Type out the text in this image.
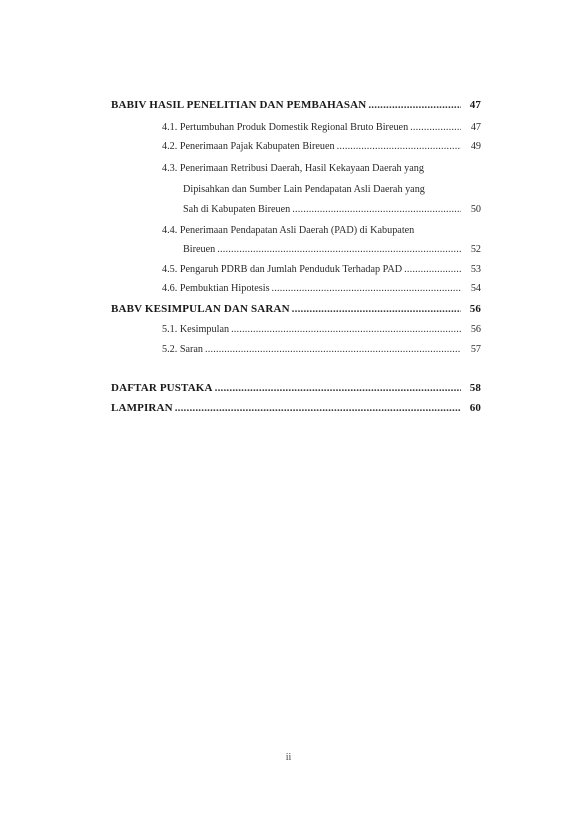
BAB IV HASIL PENELITIAN DAN PEMBAHASAN .....	47
4.1. Pertumbuhan Produk Domestik Regional Bruto Bireuen .....	47
4.2. Penerimaan Pajak Kabupaten Bireuen .....	49
4.3. Penerimaan Retribusi Daerah, Hasil Kekayaan Daerah yang
Dipisahkan dan Sumber Lain Pendapatan Asli Daerah yang
Sah di Kabupaten Bireuen .....	50
4.4. Penerimaan Pendapatan Asli Daerah (PAD) di Kabupaten
Bireuen .....	52
4.5. Pengaruh PDRB dan Jumlah Penduduk Terhadap PAD .....	53
4.6. Pembuktian Hipotesis .....	54
BAB V KESIMPULAN DAN SARAN .....	56
5.1. Kesimpulan .....	56
5.2. Saran .....	57
DAFTAR PUSTAKA .....	58
LAMPIRAN .....	60
ii
